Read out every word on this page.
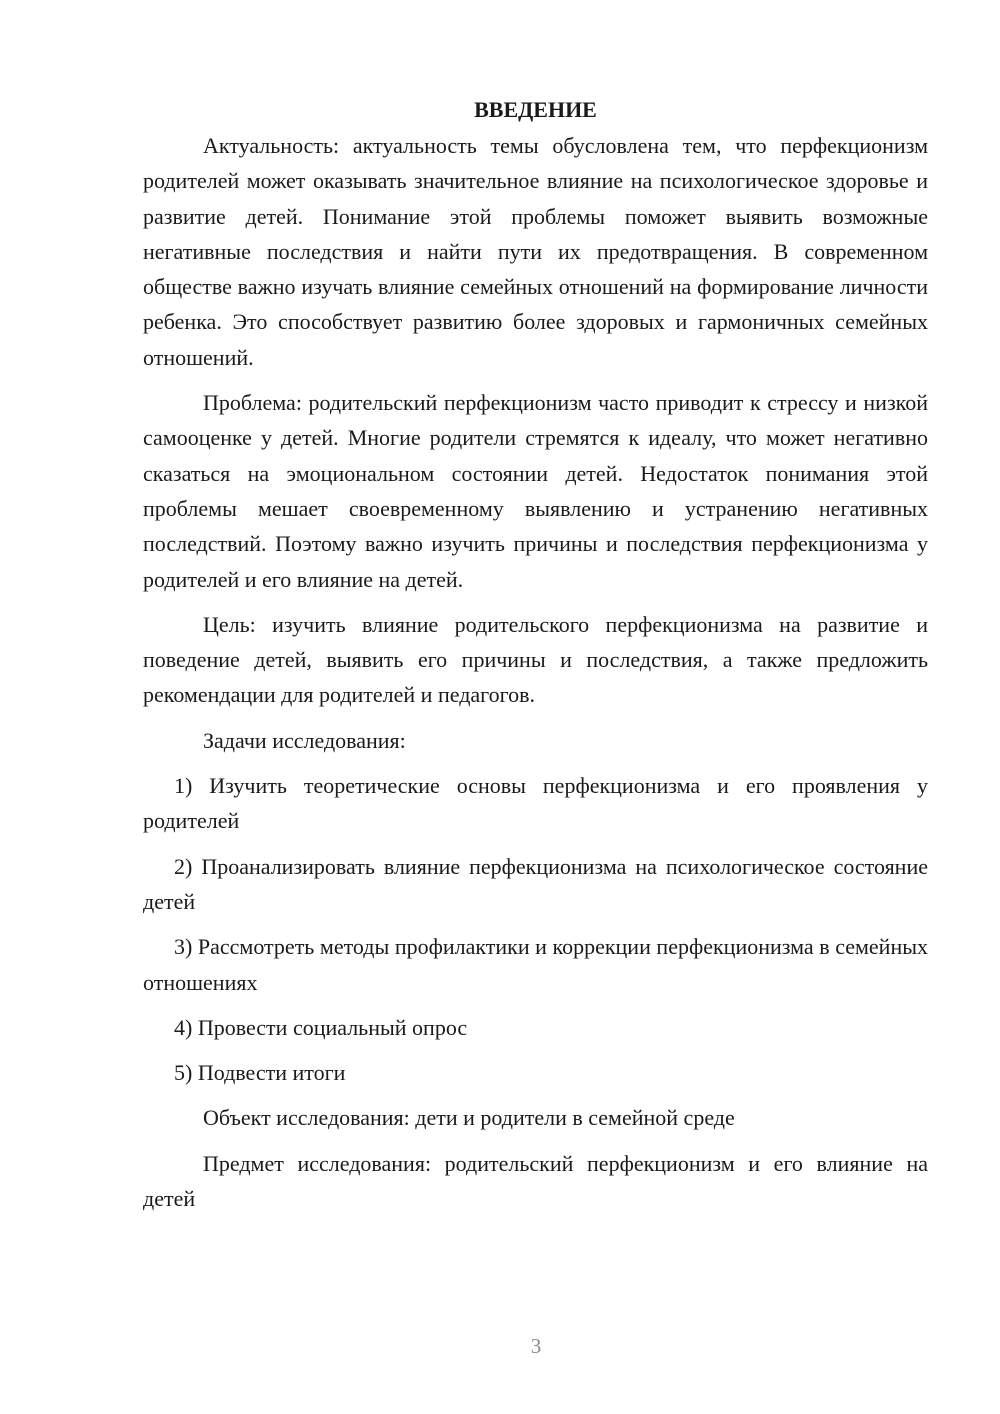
ВВЕДЕНИЕ

Актуальность: актуальность темы обусловлена тем, что перфекционизм родителей может оказывать значительное влияние на психологическое здоровье и развитие детей. Понимание этой проблемы поможет выявить возможные негативные последствия и найти пути их предотвращения. В современном обществе важно изучать влияние семейных отношений на формирование личности ребенка. Это способствует развитию более здоровых и гармоничных семейных отношений.

Проблема: родительский перфекционизм часто приводит к стрессу и низкой самооценке у детей. Многие родители стремятся к идеалу, что может негативно сказаться на эмоциональном состоянии детей. Недостаток понимания этой проблемы мешает своевременному выявлению и устранению негативных последствий. Поэтому важно изучить причины и последствия перфекционизма у родителей и его влияние на детей.

Цель: изучить влияние родительского перфекционизма на развитие и поведение детей, выявить его причины и последствия, а также предложить рекомендации для родителей и педагогов.

Задачи исследования:

1) Изучить теоретические основы перфекционизма и его проявления у родителей

2) Проанализировать влияние перфекционизма на психологическое состояние детей

3) Рассмотреть методы профилактики и коррекции перфекционизма в семейных отношениях

4) Провести социальный опрос

5) Подвести итоги

Объект исследования: дети и родители в семейной среде

Предмет исследования: родительский перфекционизм и его влияние на детей

3
